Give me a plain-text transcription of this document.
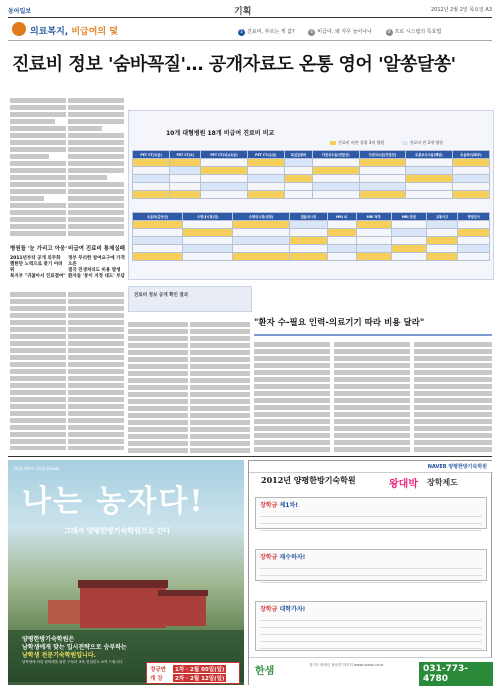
동아일보	기획	2012년 2월 2일 목요일 A3
의료복지, 비급여의 덫	① 진료비, 부르는 게 값?	② 비급여, 왜 자꾸 늘어나나	③ 프로 시스템의 특효법
진료비 정보 '숨바꼭질'… 공개자료도 온통 영어 '알쏭달쏭'
병원들 '눈 가리고 아웅' 비급여 진료비 통제실패
2011년부터 공개 의무화
했한만 노력으로 찾기 어려워
복지부 "귀찮아서 진료결여"
정부 무리한 참여요구에 가격 오른
결국 민생처리도 비용 발생
환자들 '봉이 지정 대도' 부담
10개 대형병원 18개 비급여 진료비 비교
진료비 비싼 상위 3개 병원	진료비 싼 3개 병원
PET CT(요금)	PET CT(4)	PET CT(뇌)(요금)	PET CT(요금)	특실입원비	다빈치수술(전립선)	다빈치수술(전립선)	로봇보조수술(폐암)	초음파(상복부)

초음파(갑상선)	수면내시경(위)	수면내시경(대장)	캡슐내시경	MRI 뇌	MRI 척추	MRI 관절	교통사고	영양검사

진료비 정보 공개 확인 결과
"환자 수-필요 인력-의료기기 따라 비용 달라"
Only Mine, Only Ready
나는 농자다!
그래서 양평한방기숙학원으로 간다
양평한방기숙학원은
남학생에게 맞는 입시전략으로 승부하는
남학생 전문기숙학원입니다.
남학생에 의한 남학생을 위한 구성과 교육 컨설턴트 보여 드립니다.
정규반	1차 · 2월 05일(일)
개 강	2차 · 2월 12일(일)
NAVER 양평한방기숙학원
2012년 양평한방기숙학원	왕대박 장학제도
장학금 제1차!
장학금 재수하자!
장학금 대학가자!
한샘
경기도 양평군 용문면 하모리 www.hsadu.co.kr	031-773-4780
